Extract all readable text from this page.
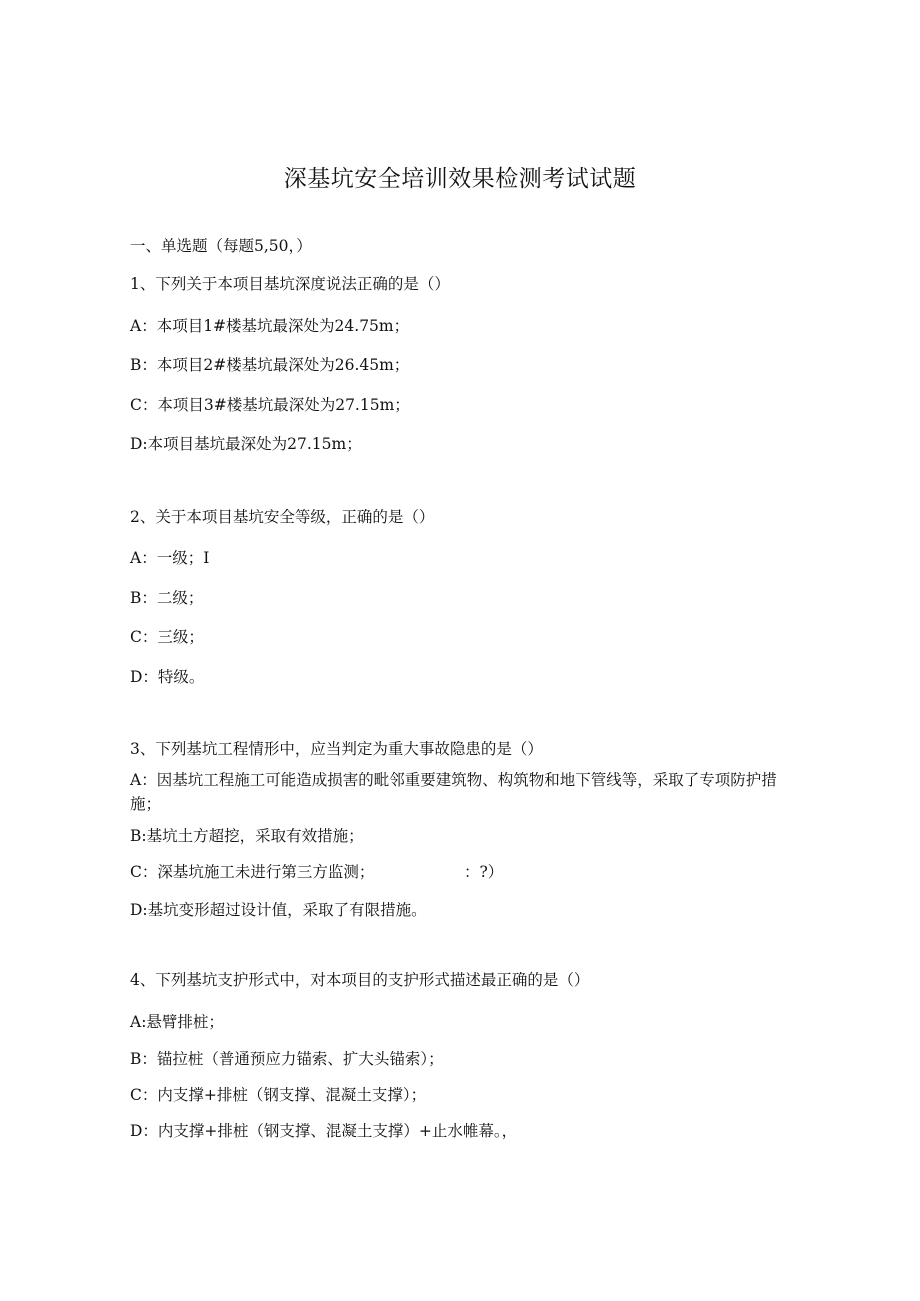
深基坑安全培训效果检测考试试题
一、单选题（每题5,50，）
1、下列关于本项目基坑深度说法正确的是（）
A：本项目1#楼基坑最深处为24.75m；
B：本项目2#楼基坑最深处为26.45m；
C：本项目3#楼基坑最深处为27.15m；
D:本项目基坑最深处为27.15m；
2、关于本项目基坑安全等级，正确的是（）
A：一级；I
B：二级；
C：三级；
D：特级。
3、下列基坑工程情形中，应当判定为重大事故隐患的是（）
A：因基坑工程施工可能造成损害的毗邻重要建筑物、构筑物和地下管线等，采取了专项防护措施；
B:基坑土方超挖，采取有效措施；
C：深基坑施工未进行第三方监测；	：?）
D:基坑变形超过设计值，采取了有限措施。
4、下列基坑支护形式中，对本项目的支护形式描述最正确的是（）
A:悬臂排桩；
B：锚拉桩（普通预应力锚索、扩大头锚索）；
C：内支撑+排桩（钢支撑、混凝土支撑）；
D：内支撑+排桩（钢支撑、混凝土支撑）+止水帷幕。，
